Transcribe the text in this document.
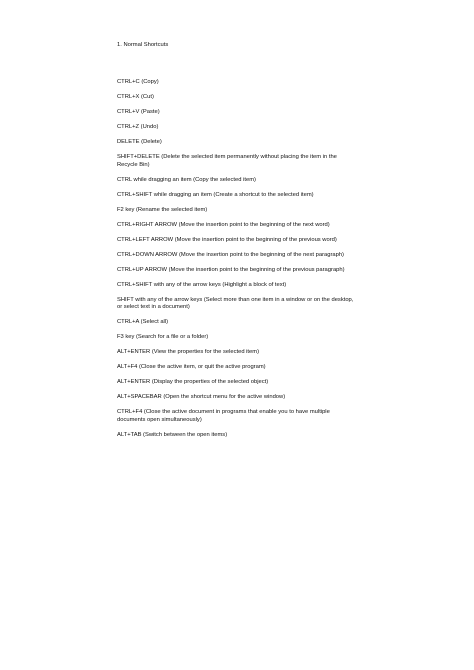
1. Normal Shortcuts
CTRL+C (Copy)
CTRL+X (Cut)
CTRL+V (Paste)
CTRL+Z (Undo)
DELETE (Delete)
SHIFT+DELETE (Delete the selected item permanently without placing the item in the Recycle Bin)
CTRL while dragging an item (Copy the selected item)
CTRL+SHIFT while dragging an item (Create a shortcut to the selected item)
F2 key (Rename the selected item)
CTRL+RIGHT ARROW (Move the insertion point to the beginning of the next word)
CTRL+LEFT ARROW (Move the insertion point to the beginning of the previous word)
CTRL+DOWN ARROW (Move the insertion point to the beginning of the next paragraph)
CTRL+UP ARROW (Move the insertion point to the beginning of the previous paragraph)
CTRL+SHIFT with any of the arrow keys (Highlight a block of text)
SHIFT with any of the arrow keys (Select more than one item in a window or on the desktop, or select text in a document)
CTRL+A (Select all)
F3 key (Search for a file or a folder)
ALT+ENTER (View the properties for the selected item)
ALT+F4 (Close the active item, or quit the active program)
ALT+ENTER (Display the properties of the selected object)
ALT+SPACEBAR (Open the shortcut menu for the active window)
CTRL+F4 (Close the active document in programs that enable you to have multiple documents open simultaneously)
ALT+TAB (Switch between the open items)
